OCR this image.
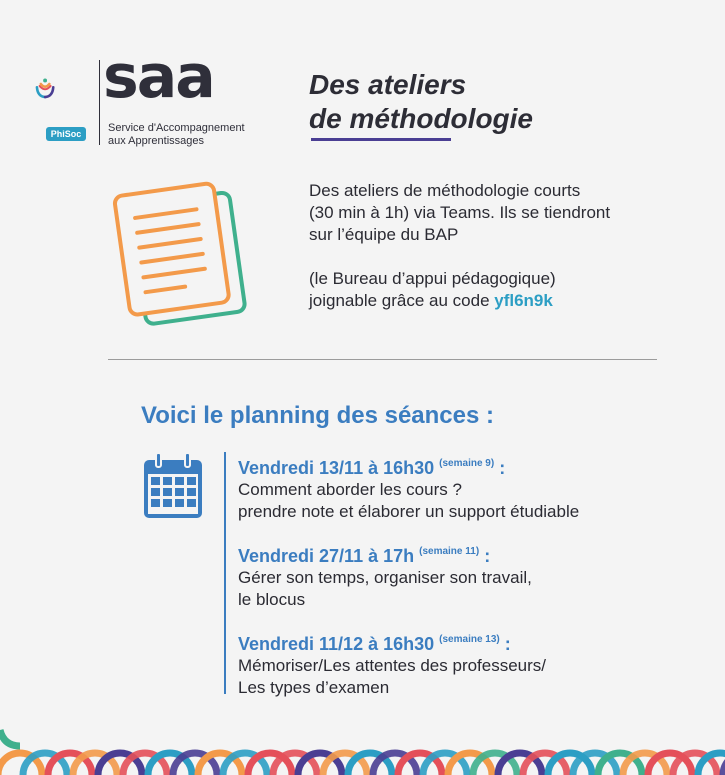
saa
Service d'Accompagnement
aux Apprentissages
PhiSoc
Des ateliers
de méthodologie

Des ateliers de méthodologie courts

(30 min à 1h) via Teams. Ils se tiendront

sur l’équipe du BAP

(le Bureau d’appui pédagogique)

joignable grâce au code yfl6n9k

Voici le planning des séances :
Vendredi 13/11 à 16h30 $^{(semaine 9)}$ :
Comment aborder les cours ?
prendre note et élaborer un support étudiable
Vendredi 27/11 à 17h $^{(semaine 11)}$ :
Gérer son temps, organiser son travail,
le blocus
Vendredi 11/12 à 16h30 $^{(semaine 13)}$ :
Mémoriser/Les attentes des professeurs/
Les types d’examen
